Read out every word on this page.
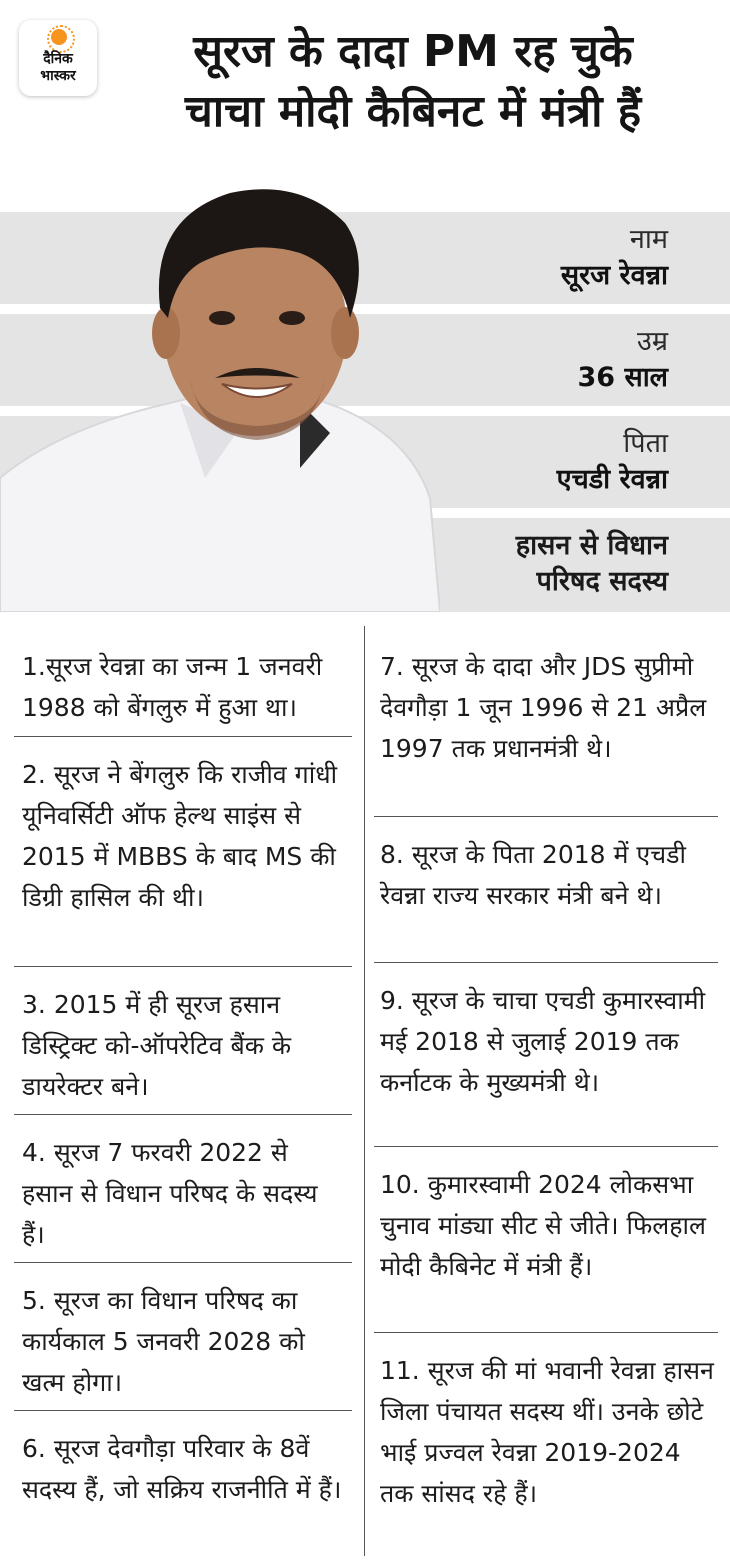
दैनिक
भास्कर	सूरज के दादा PM रह चुके
चाचा मोदी कैबिनट में मंत्री हैं
नाम
सूरज रेवन्ना
उम्र
36 साल
पिता
एचडी रेवन्ना
हासन से विधान
परिषद सदस्य
1.सूरज रेवन्ना का जन्म 1 जनवरी 1988 को बेंगलुरु में हुआ था।
2. सूरज ने बेंगलुरु कि राजीव गांधी यूनिवर्सिटी ऑफ हेल्थ साइंस से 2015 में MBBS के बाद MS की डिग्री हासिल की थी।
3. 2015 में ही सूरज हसान डिस्ट्रिक्ट को-ऑपरेटिव बैंक के डायरेक्टर बने।
4. सूरज 7 फरवरी 2022 से हसान से विधान परिषद के सदस्य हैं।
5. सूरज का विधान परिषद का कार्यकाल 5 जनवरी 2028 को खत्म होगा।
6. सूरज देवगौड़ा परिवार के 8वें सदस्य हैं, जो सक्रिय राजनीति में हैं।
7. सूरज के दादा और JDS सुप्रीमो देवगौड़ा 1 जून 1996 से 21 अप्रैल 1997 तक प्रधानमंत्री थे।
8. सूरज के पिता 2018 में एचडी रेवन्ना राज्य सरकार मंत्री बने थे।
9. सूरज के चाचा एचडी कुमारस्वामी मई 2018 से जुलाई 2019 तक कर्नाटक के मुख्यमंत्री थे।
10. कुमारस्वामी 2024 लोकसभा चुनाव मांड्या सीट से जीते। फिलहाल मोदी कैबिनेट में मंत्री हैं।
11. सूरज की मां भवानी रेवन्ना हासन जिला पंचायत सदस्य थीं। उनके छोटे भाई प्रज्वल रेवन्ना 2019-2024 तक सांसद रहे हैं।
